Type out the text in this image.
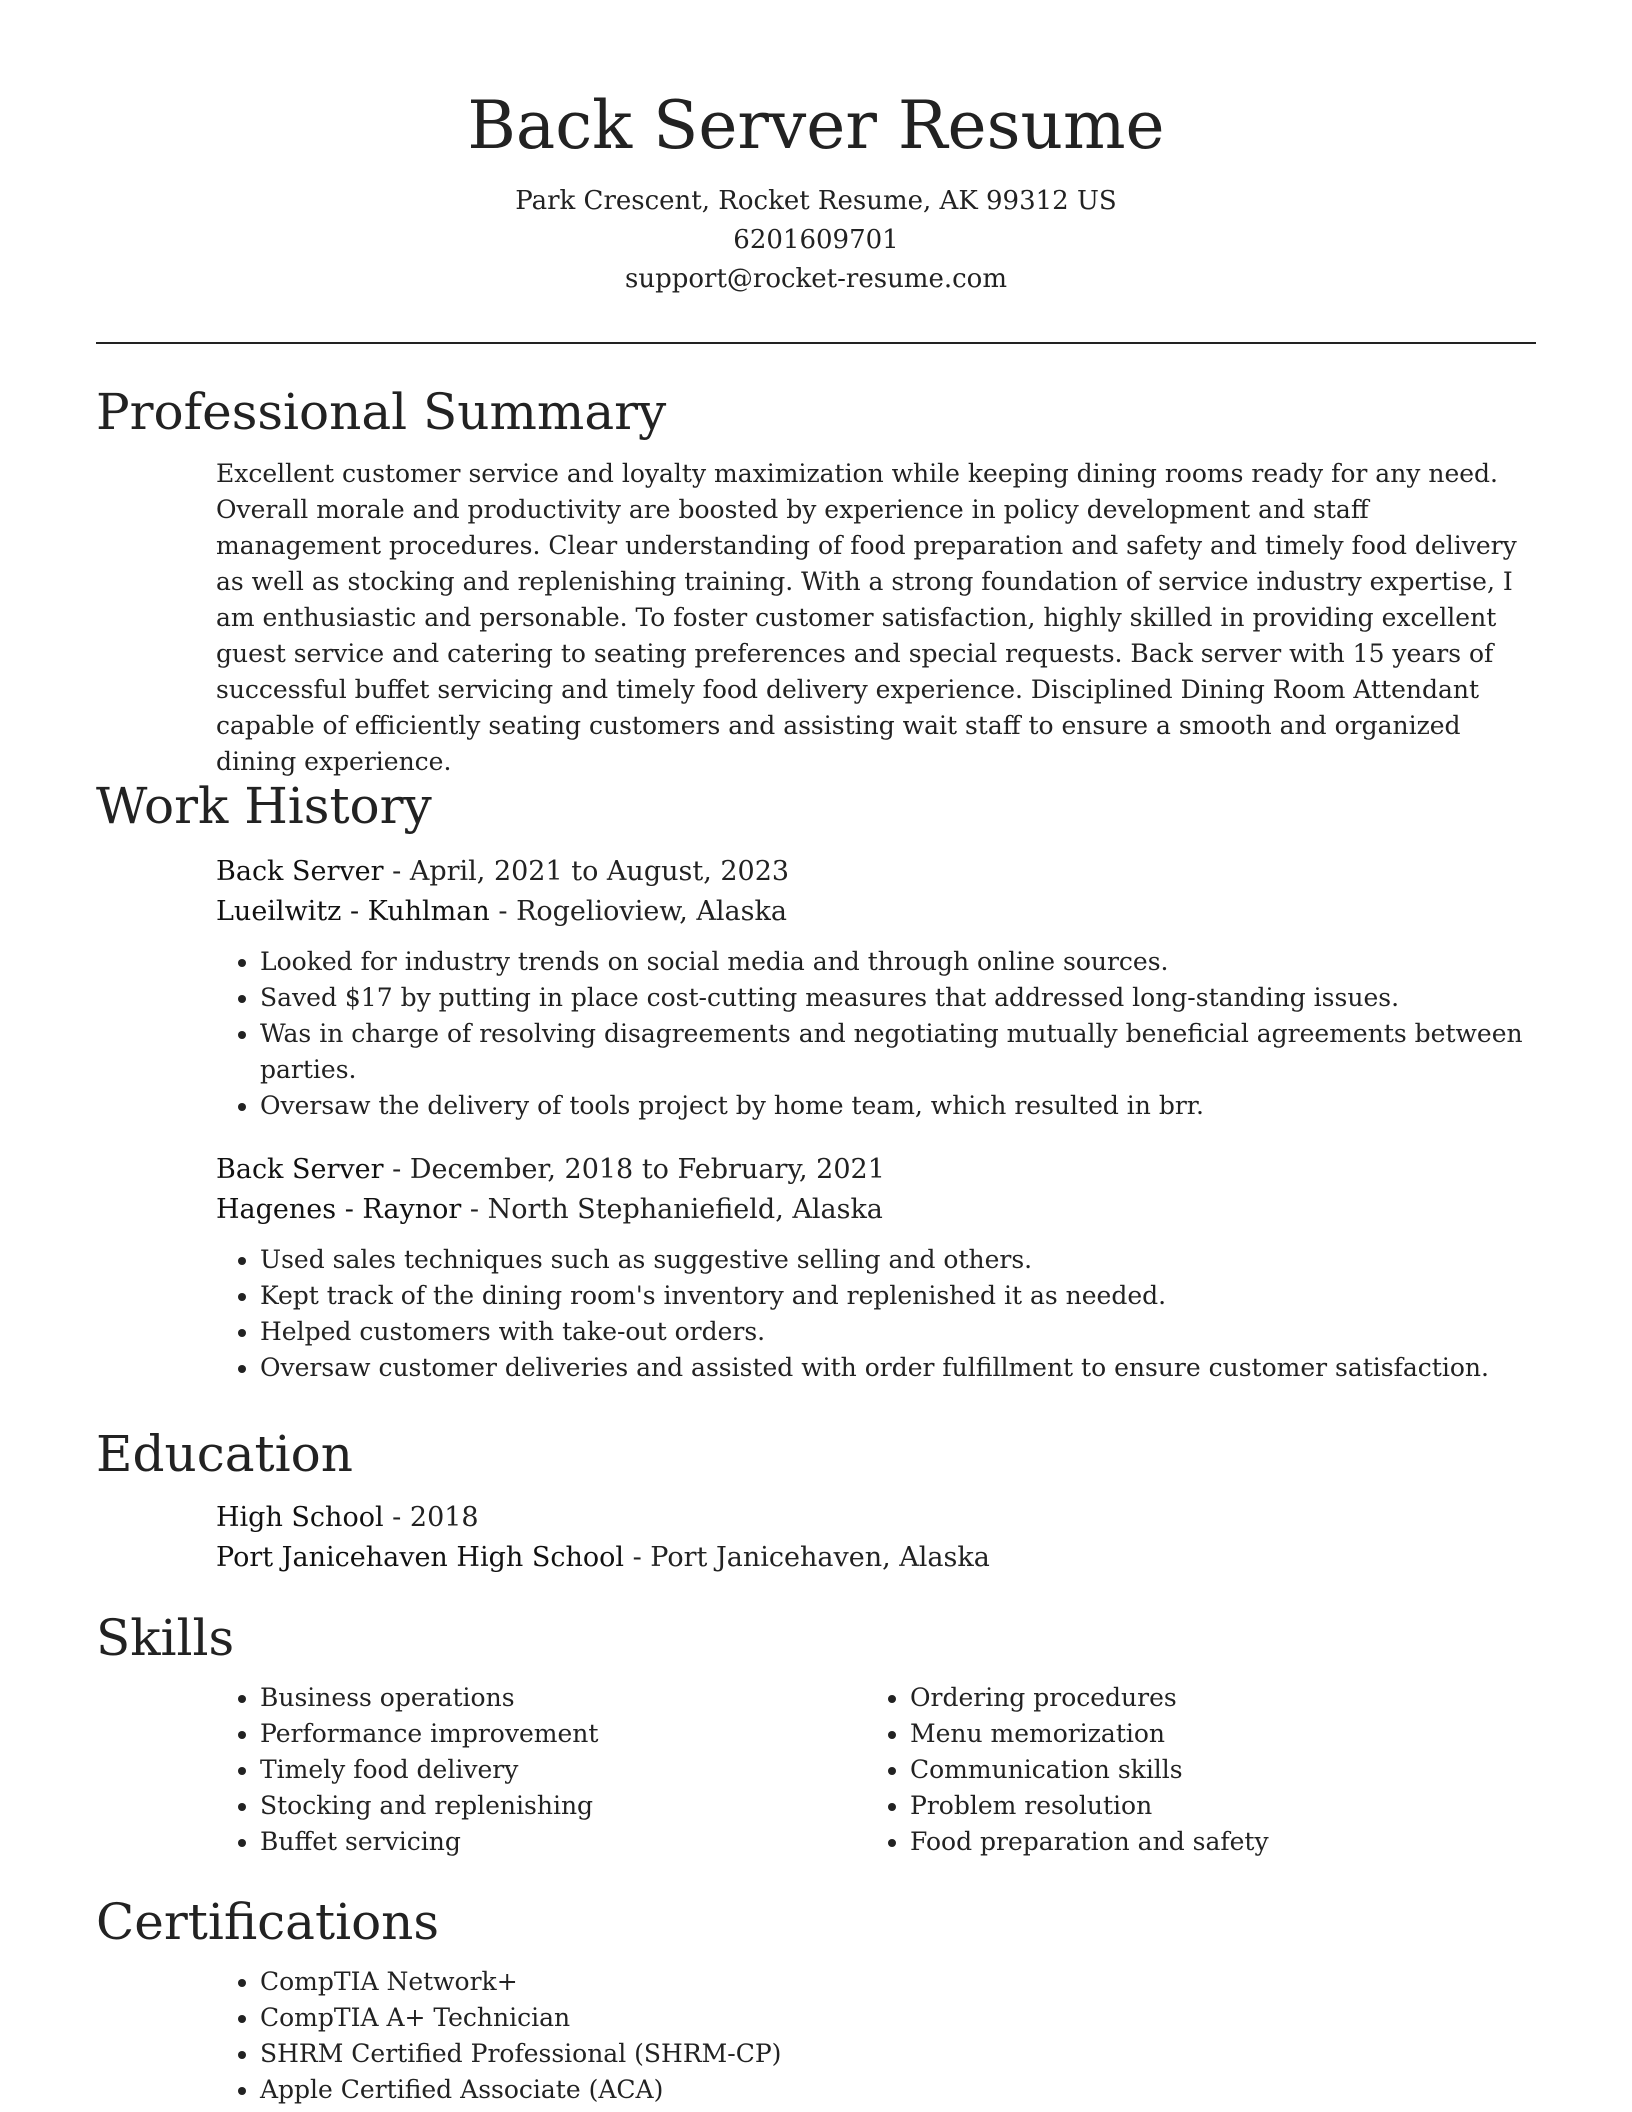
Back Server Resume
Park Crescent, Rocket Resume, AK 99312 US
6201609701
support@rocket-resume.com
Professional Summary
Excellent customer service and loyalty maximization while keeping dining rooms ready for any need. Overall morale and productivity are boosted by experience in policy development and staff management procedures. Clear understanding of food preparation and safety and timely food delivery as well as stocking and replenishing training. With a strong foundation of service industry expertise, I am enthusiastic and personable. To foster customer satisfaction, highly skilled in providing excellent guest service and catering to seating preferences and special requests. Back server with 15 years of successful buffet servicing and timely food delivery experience. Disciplined Dining Room Attendant capable of efficiently seating customers and assisting wait staff to ensure a smooth and organized dining experience.
Work History
Back Server - April, 2021 to August, 2023
Lueilwitz - Kuhlman - Rogelioview, Alaska
• Looked for industry trends on social media and through online sources.
• Saved $17 by putting in place cost-cutting measures that addressed long-standing issues.
• Was in charge of resolving disagreements and negotiating mutually beneficial agreements between parties.
• Oversaw the delivery of tools project by home team, which resulted in brr.
Back Server - December, 2018 to February, 2021
Hagenes - Raynor - North Stephaniefield, Alaska
• Used sales techniques such as suggestive selling and others.
• Kept track of the dining room's inventory and replenished it as needed.
• Helped customers with take-out orders.
• Oversaw customer deliveries and assisted with order fulfillment to ensure customer satisfaction.
Education
High School - 2018
Port Janicehaven High School - Port Janicehaven, Alaska
Skills
• Business operations
• Performance improvement
• Timely food delivery
• Stocking and replenishing
• Buffet servicing
• Ordering procedures
• Menu memorization
• Communication skills
• Problem resolution
• Food preparation and safety
Certifications
• CompTIA Network+
• CompTIA A+ Technician
• SHRM Certified Professional (SHRM-CP)
• Apple Certified Associate (ACA)
